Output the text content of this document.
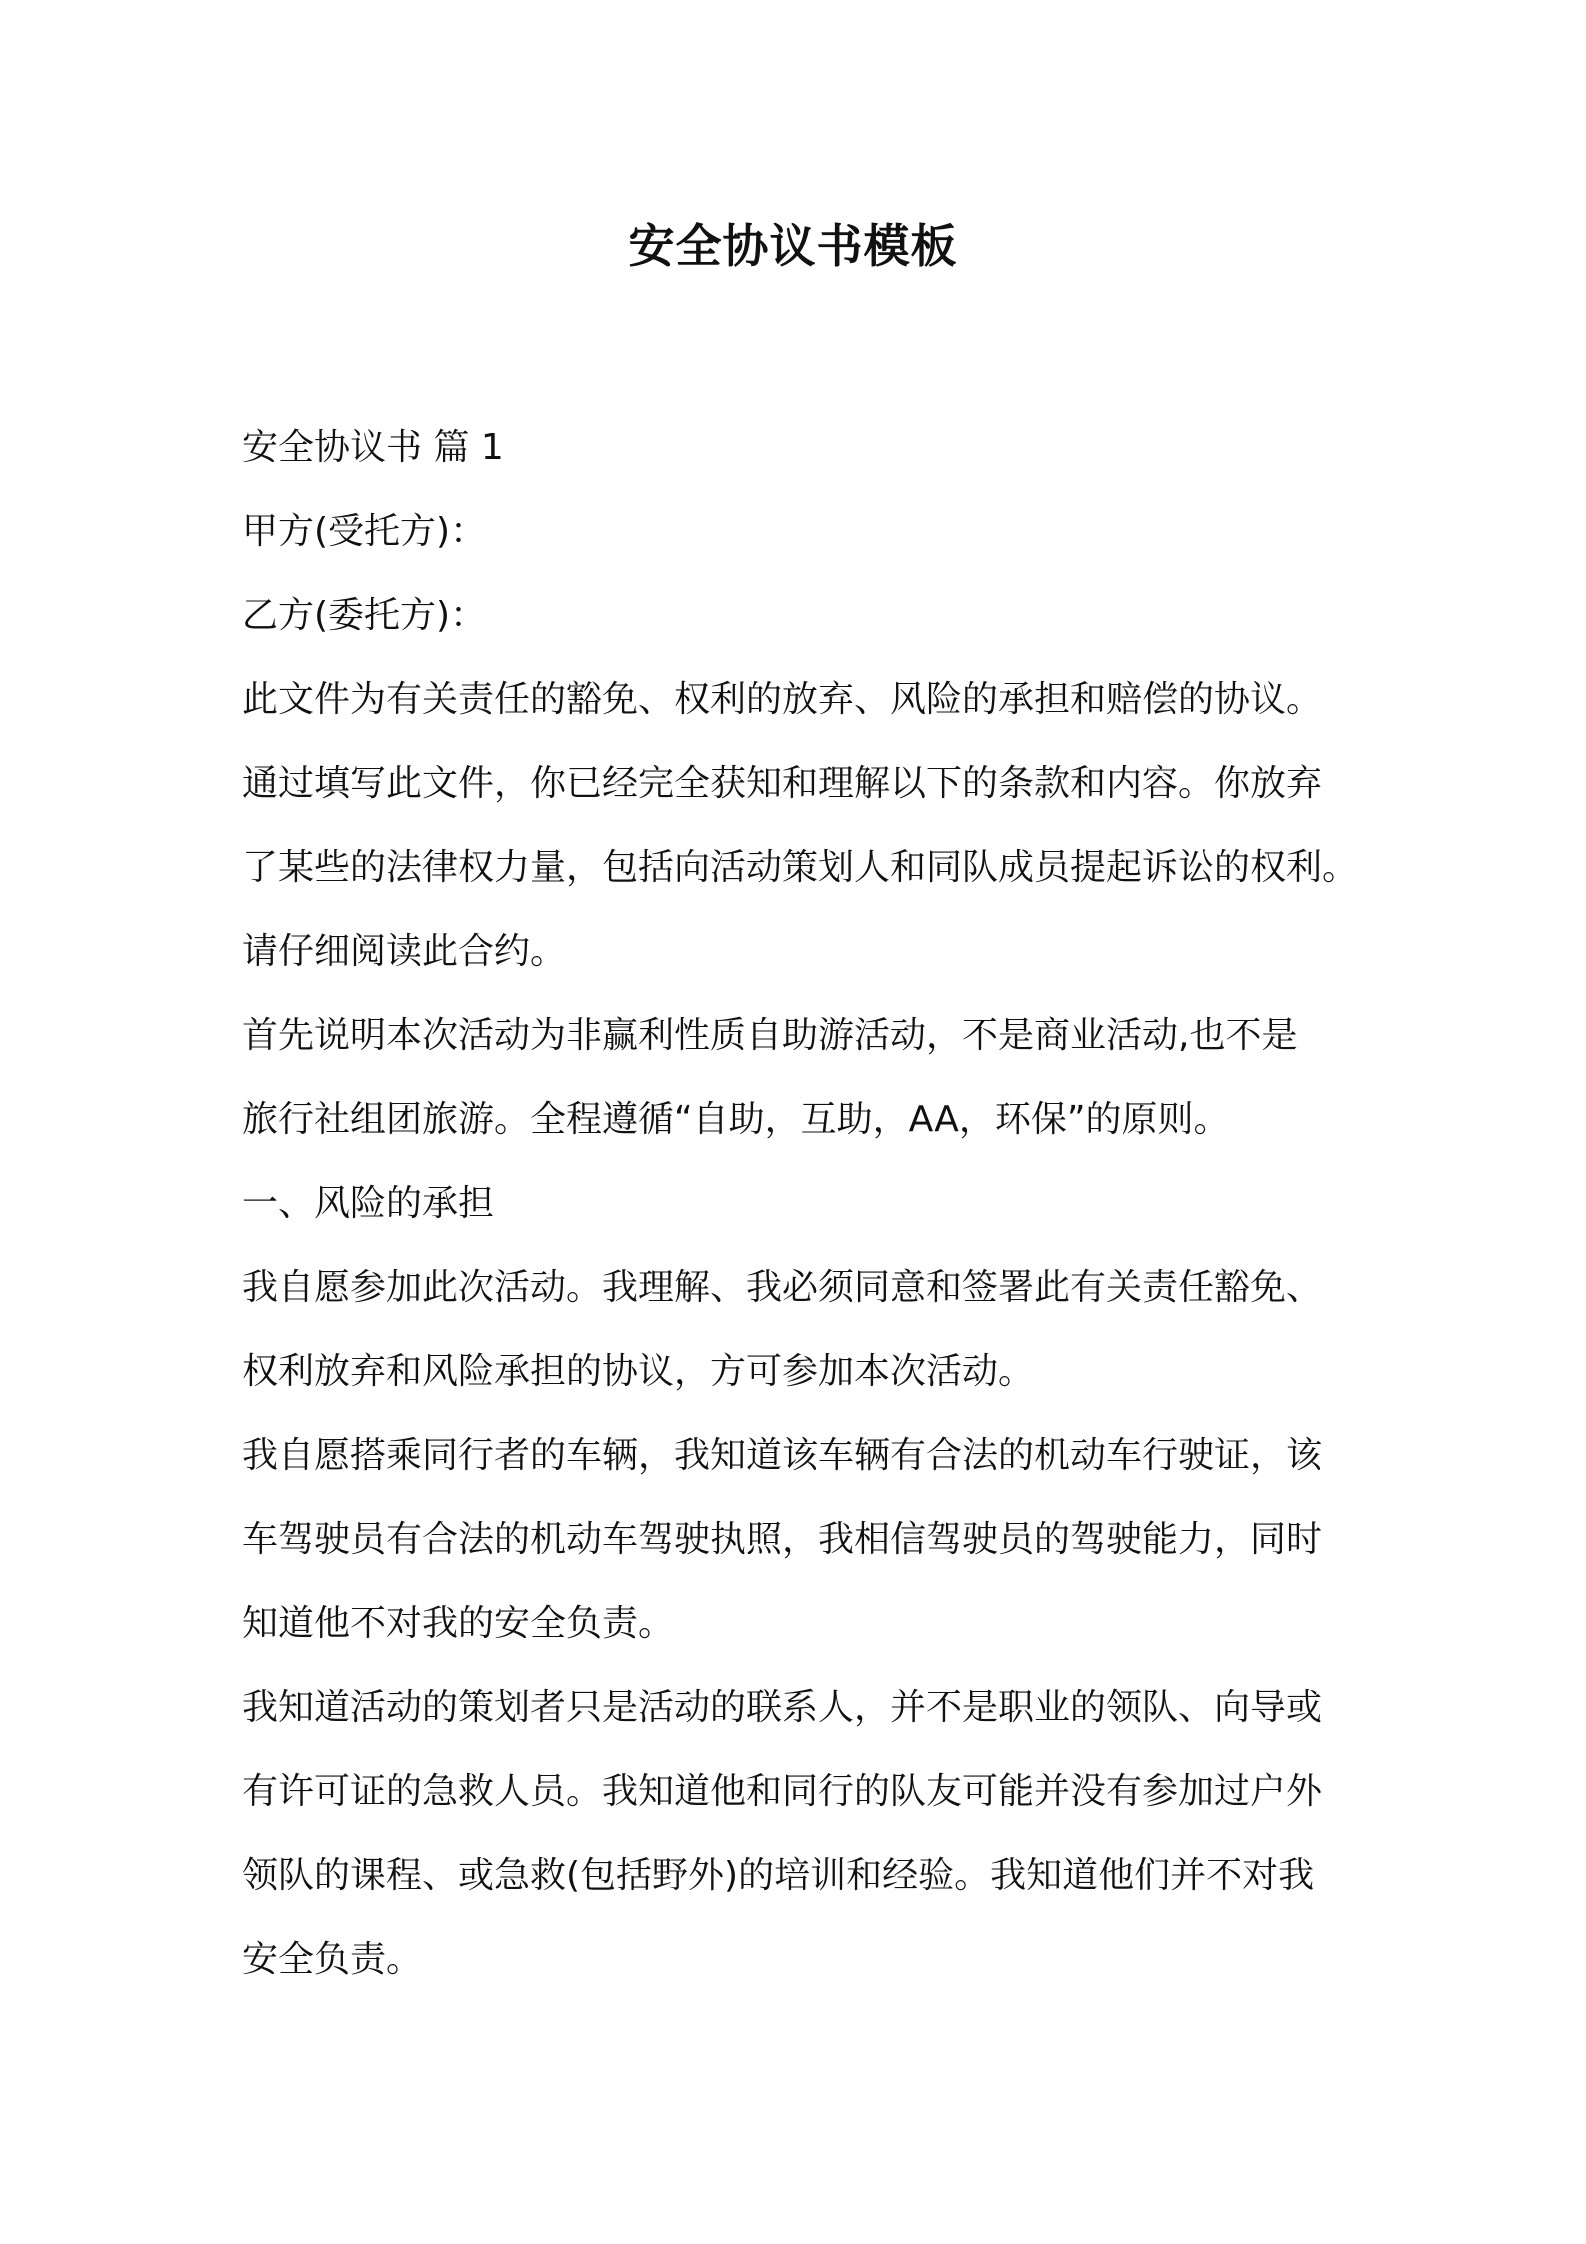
安全协议书模板
安全协议书 篇 1
甲方(受托方)：
乙方(委托方)：
此文件为有关责任的豁免、权利的放弃、风险的承担和赔偿的协议。
通过填写此文件，你已经完全获知和理解以下的条款和内容。你放弃
了某些的法律权力量，包括向活动策划人和同队成员提起诉讼的权利。
请仔细阅读此合约。
首先说明本次活动为非赢利性质自助游活动，不是商业活动,也不是
旅行社组团旅游。全程遵循“自助，互助，AA，环保”的原则。
一、风险的承担
我自愿参加此次活动。我理解、我必须同意和签署此有关责任豁免、
权利放弃和风险承担的协议，方可参加本次活动。
我自愿搭乘同行者的车辆，我知道该车辆有合法的机动车行驶证，该
车驾驶员有合法的机动车驾驶执照，我相信驾驶员的驾驶能力，同时
知道他不对我的安全负责。
我知道活动的策划者只是活动的联系人，并不是职业的领队、向导或
有许可证的急救人员。我知道他和同行的队友可能并没有参加过户外
领队的课程、或急救(包括野外)的培训和经验。我知道他们并不对我
安全负责。
